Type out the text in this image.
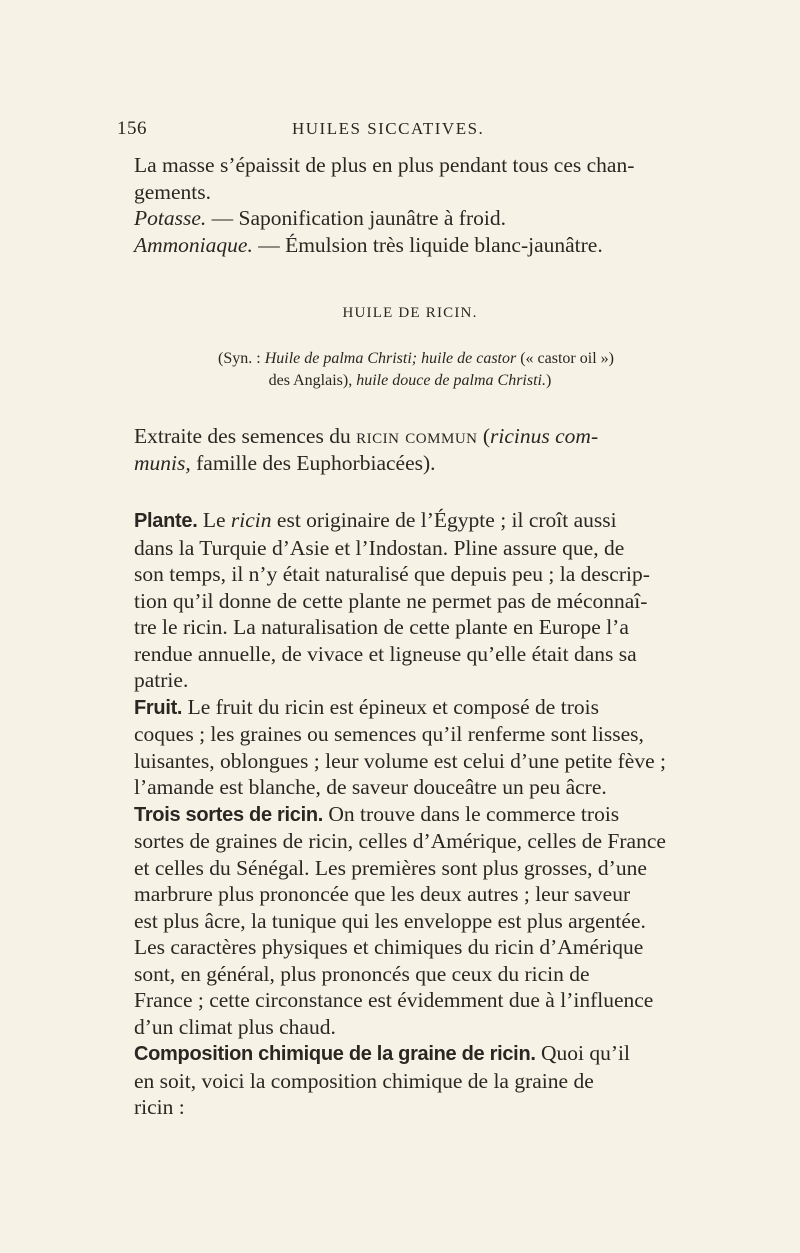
156	HUILES SICCATIVES.

La masse s’épaissit de plus en plus pendant tous ces chan-
gements.

Potasse. — Saponification jaunâtre à froid.

Ammoniaque. — Émulsion très liquide blanc-jaunâtre.

HUILE DE RICIN.
(Syn. : Huile de palma Christi; huile de castor (« castor oil »)
des Anglais), huile douce de palma Christi.)

Extraite des semences du ricin commun (ricinus com-
munis, famille des Euphorbiacées).

Plante. Le ricin est originaire de l’Égypte ; il croît aussi
dans la Turquie d’Asie et l’Indostan. Pline assure que, de
son temps, il n’y était naturalisé que depuis peu ; la descrip-
tion qu’il donne de cette plante ne permet pas de méconnaî-
tre le ricin. La naturalisation de cette plante en Europe l’a
rendue annuelle, de vivace et ligneuse qu’elle était dans sa
patrie.

Fruit. Le fruit du ricin est épineux et composé de trois
coques ; les graines ou semences qu’il renferme sont lisses,
luisantes, oblongues ; leur volume est celui d’une petite fève ;
l’amande est blanche, de saveur douceâtre un peu âcre.

Trois sortes de ricin. On trouve dans le commerce trois
sortes de graines de ricin, celles d’Amérique, celles de France
et celles du Sénégal. Les premières sont plus grosses, d’une
marbrure plus prononcée que les deux autres ; leur saveur
est plus âcre, la tunique qui les enveloppe est plus argentée.
Les caractères physiques et chimiques du ricin d’Amérique
sont, en général, plus prononcés que ceux du ricin de
France ; cette circonstance est évidemment due à l’influence
d’un climat plus chaud.

Composition chimique de la graine de ricin. Quoi qu’il
en soit, voici la composition chimique de la graine de
ricin :
